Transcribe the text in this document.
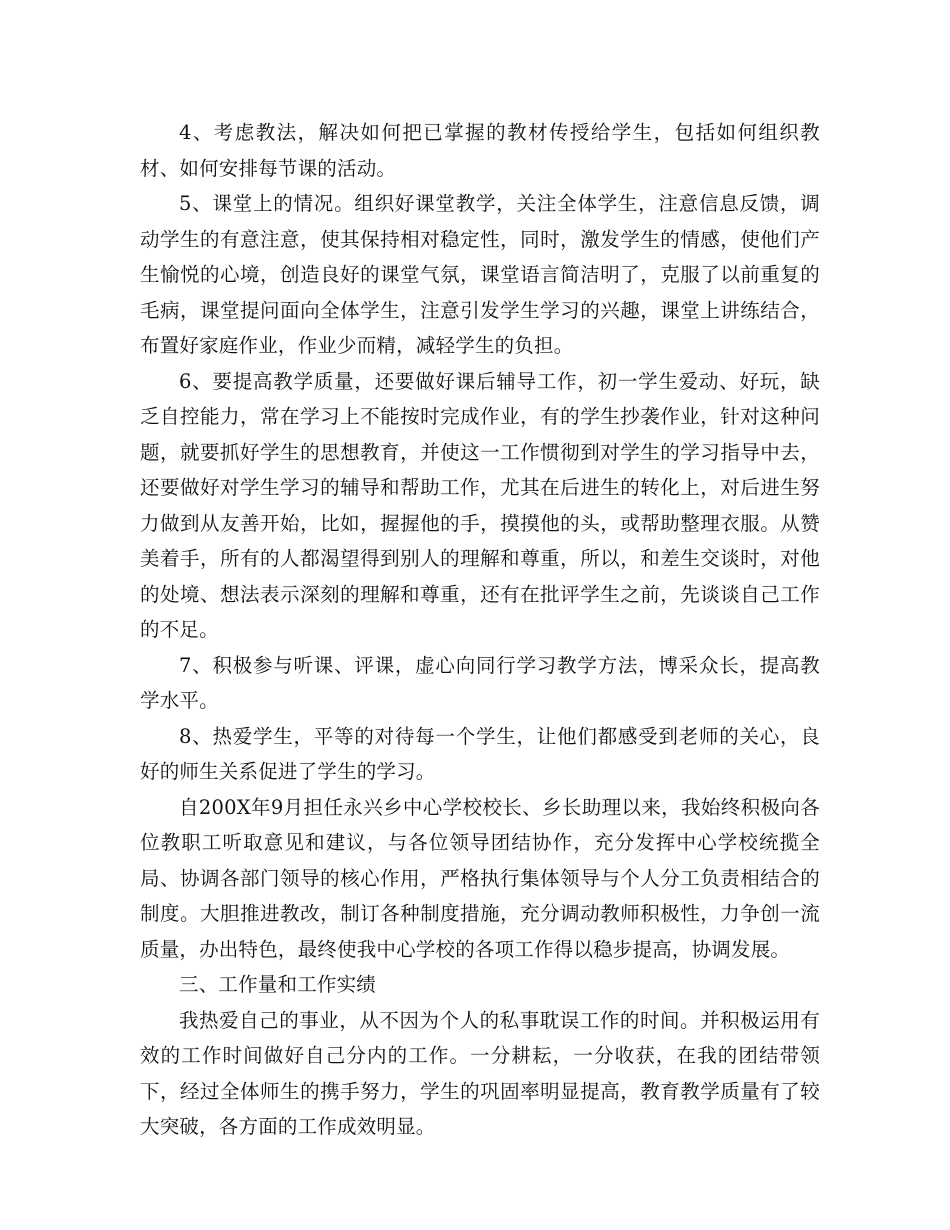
4、考虑教法，解决如何把已掌握的教材传授给学生，包括如何组织教材、如何安排每节课的活动。

5、课堂上的情况。组织好课堂教学，关注全体学生，注意信息反馈，调动学生的有意注意，使其保持相对稳定性，同时，激发学生的情感，使他们产生愉悦的心境，创造良好的课堂气氛，课堂语言简洁明了，克服了以前重复的毛病，课堂提问面向全体学生，注意引发学生学习的兴趣，课堂上讲练结合，布置好家庭作业，作业少而精，减轻学生的负担。

6、要提高教学质量，还要做好课后辅导工作，初一学生爱动、好玩，缺乏自控能力，常在学习上不能按时完成作业，有的学生抄袭作业，针对这种问题，就要抓好学生的思想教育，并使这一工作惯彻到对学生的学习指导中去，还要做好对学生学习的辅导和帮助工作，尤其在后进生的转化上，对后进生努力做到从友善开始，比如，握握他的手，摸摸他的头，或帮助整理衣服。从赞美着手，所有的人都渴望得到别人的理解和尊重，所以，和差生交谈时，对他的处境、想法表示深刻的理解和尊重，还有在批评学生之前，先谈谈自己工作的不足。

7、积极参与听课、评课，虚心向同行学习教学方法，博采众长，提高教学水平。

8、热爱学生，平等的对待每一个学生，让他们都感受到老师的关心，良好的师生关系促进了学生的学习。

自200X年9月担任永兴乡中心学校校长、乡长助理以来，我始终积极向各位教职工听取意见和建议，与各位领导团结协作，充分发挥中心学校统揽全局、协调各部门领导的核心作用，严格执行集体领导与个人分工负责相结合的制度。大胆推进教改，制订各种制度措施，充分调动教师积极性，力争创一流质量，办出特色，最终使我中心学校的各项工作得以稳步提高，协调发展。

三、工作量和工作实绩

我热爱自己的事业，从不因为个人的私事耽误工作的时间。并积极运用有效的工作时间做好自己分内的工作。一分耕耘，一分收获，在我的团结带领下，经过全体师生的携手努力，学生的巩固率明显提高，教育教学质量有了较大突破，各方面的工作成效明显。
